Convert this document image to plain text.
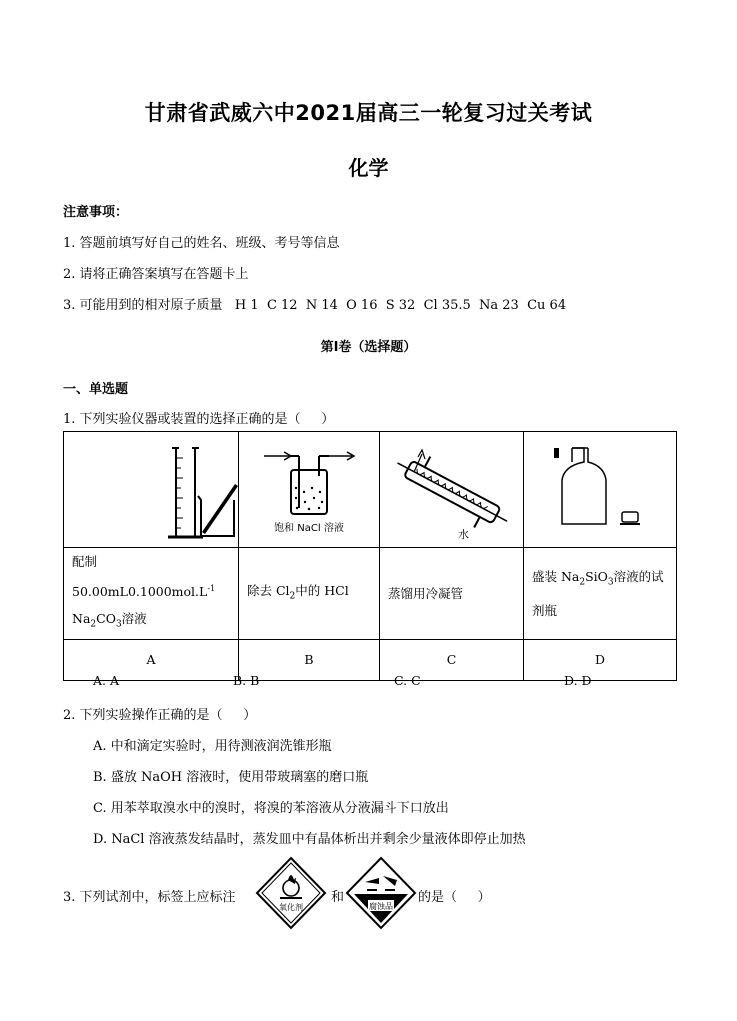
甘肃省武威六中2021届高三一轮复习过关考试
化学
注意事项：
1. 答题前填写好自己的姓名、班级、考号等信息
2. 请将正确答案填写在答题卡上
3. 可能用到的相对原子质量   H 1  C 12  N 14  O 16  S 32  Cl 35.5  Na 23  Cu 64
第Ⅰ卷（选择题）
一、单选题
1. 下列实验仪器或装置的选择正确的是（     ）

饱和 NaCl 溶液	水

配制 $50.00mL0.1000mol.L^{-1}$
$Na_2CO_3$溶液	除去 $Cl_2$中的 HCl	蒸馏用冷凝管	盛装 $Na_2SiO_3$溶液的试
剂瓶
A	B	C	D
A. A	B. B	C. C	D. D
2. 下列实验操作正确的是（     ）
A. 中和滴定实验时，用待测液润洗锥形瓶
B. 盛放 NaOH 溶液时，使用带玻璃塞的磨口瓶
C. 用苯萃取溴水中的溴时，将溴的苯溶液从分液漏斗下口放出
D. NaCl 溶液蒸发结晶时，蒸发皿中有晶体析出并剩余少量液体即停止加热
3. 下列试剂中，标签上应标注
氧化剂
和
腐蚀品
的是（     ）
